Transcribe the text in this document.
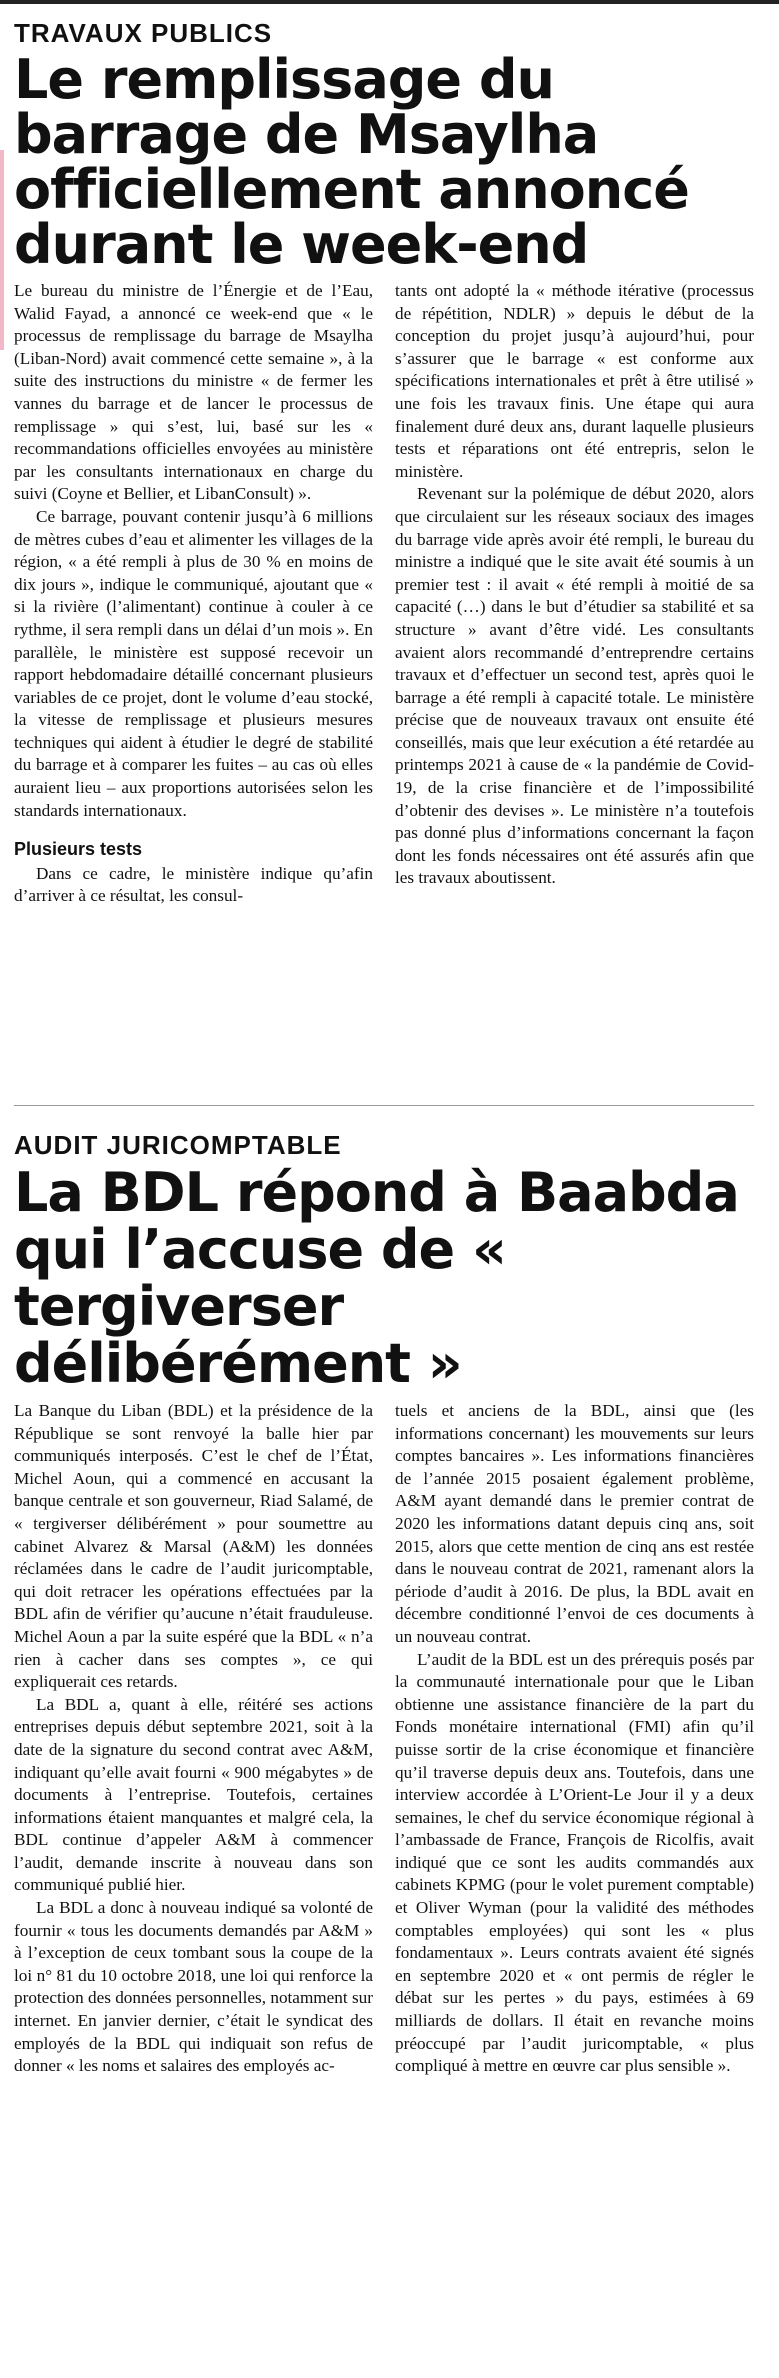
TRAVAUX PUBLICS
Le remplissage du barrage de Msaylha officiellement annoncé durant le week-end

Le bureau du ministre de l’Énergie et de l’Eau, Walid Fayad, a annoncé ce week-end que « le processus de remplissage du barrage de Msaylha (Liban-Nord) avait commencé cette semaine », à la suite des instructions du ministre « de fermer les vannes du barrage et de lancer le processus de remplissage » qui s’est, lui, basé sur les « recommandations officielles envoyées au ministère par les consultants internationaux en charge du suivi (Coyne et Bellier, et LibanConsult) ».

Ce barrage, pouvant contenir jusqu’à 6 millions de mètres cubes d’eau et alimenter les villages de la région, « a été rempli à plus de 30 % en moins de dix jours », indique le communiqué, ajoutant que « si la rivière (l’alimentant) continue à couler à ce rythme, il sera rempli dans un délai d’un mois ». En parallèle, le ministère est supposé recevoir un rapport hebdomadaire détaillé concernant plusieurs variables de ce projet, dont le volume d’eau stocké, la vitesse de remplissage et plusieurs mesures techniques qui aident à étudier le degré de stabilité du barrage et à comparer les fuites – au cas où elles auraient lieu – aux proportions autorisées selon les standards internationaux.

Plusieurs tests

Dans ce cadre, le ministère indique qu’afin d’arriver à ce résultat, les consul-

tants ont adopté la « méthode itérative (processus de répétition, NDLR) » depuis le début de la conception du projet jusqu’à aujourd’hui, pour s’assurer que le barrage « est conforme aux spécifications internationales et prêt à être utilisé » une fois les travaux finis. Une étape qui aura finalement duré deux ans, durant laquelle plusieurs tests et réparations ont été entrepris, selon le ministère.

Revenant sur la polémique de début 2020, alors que circulaient sur les réseaux sociaux des images du barrage vide après avoir été rempli, le bureau du ministre a indiqué que le site avait été soumis à un premier test : il avait « été rempli à moitié de sa capacité (…) dans le but d’étudier sa stabilité et sa structure » avant d’être vidé. Les consultants avaient alors recommandé d’entreprendre certains travaux et d’effectuer un second test, après quoi le barrage a été rempli à capacité totale. Le ministère précise que de nouveaux travaux ont ensuite été conseillés, mais que leur exécution a été retardée au printemps 2021 à cause de « la pandémie de Covid-19, de la crise financière et de l’impossibilité d’obtenir des devises ». Le ministère n’a toutefois pas donné plus d’informations concernant la façon dont les fonds nécessaires ont été assurés afin que les travaux aboutissent.

AUDIT JURICOMPTABLE
La BDL répond à Baabda qui l’accuse de « tergiverser délibérément »

La Banque du Liban (BDL) et la présidence de la République se sont renvoyé la balle hier par communiqués interposés. C’est le chef de l’État, Michel Aoun, qui a commencé en accusant la banque centrale et son gouverneur, Riad Salamé, de « tergiverser délibérément » pour soumettre au cabinet Alvarez & Marsal (A&M) les données réclamées dans le cadre de l’audit juricomptable, qui doit retracer les opérations effectuées par la BDL afin de vérifier qu’aucune n’était frauduleuse. Michel Aoun a par la suite espéré que la BDL « n’a rien à cacher dans ses comptes », ce qui expliquerait ces retards.

La BDL a, quant à elle, réitéré ses actions entreprises depuis début septembre 2021, soit à la date de la signature du second contrat avec A&M, indiquant qu’elle avait fourni « 900 mégabytes » de documents à l’entreprise. Toutefois, certaines informations étaient manquantes et malgré cela, la BDL continue d’appeler A&M à commencer l’audit, demande inscrite à nouveau dans son communiqué publié hier.

La BDL a donc à nouveau indiqué sa volonté de fournir « tous les documents demandés par A&M » à l’exception de ceux tombant sous la coupe de la loi n° 81 du 10 octobre 2018, une loi qui renforce la protection des données personnelles, notamment sur internet. En janvier dernier, c’était le syndicat des employés de la BDL qui indiquait son refus de donner « les noms et salaires des employés ac-

tuels et anciens de la BDL, ainsi que (les informations concernant) les mouvements sur leurs comptes bancaires ». Les informations financières de l’année 2015 posaient également problème, A&M ayant demandé dans le premier contrat de 2020 les informations datant depuis cinq ans, soit 2015, alors que cette mention de cinq ans est restée dans le nouveau contrat de 2021, ramenant alors la période d’audit à 2016. De plus, la BDL avait en décembre conditionné l’envoi de ces documents à un nouveau contrat.

L’audit de la BDL est un des prérequis posés par la communauté internationale pour que le Liban obtienne une assistance financière de la part du Fonds monétaire international (FMI) afin qu’il puisse sortir de la crise économique et financière qu’il traverse depuis deux ans. Toutefois, dans une interview accordée à L’Orient-Le Jour il y a deux semaines, le chef du service économique régional à l’ambassade de France, François de Ricolfis, avait indiqué que ce sont les audits commandés aux cabinets KPMG (pour le volet purement comptable) et Oliver Wyman (pour la validité des méthodes comptables employées) qui sont les « plus fondamentaux ». Leurs contrats avaient été signés en septembre 2020 et « ont permis de régler le débat sur les pertes » du pays, estimées à 69 milliards de dollars. Il était en revanche moins préoccupé par l’audit juricomptable, « plus compliqué à mettre en œuvre car plus sensible ».
